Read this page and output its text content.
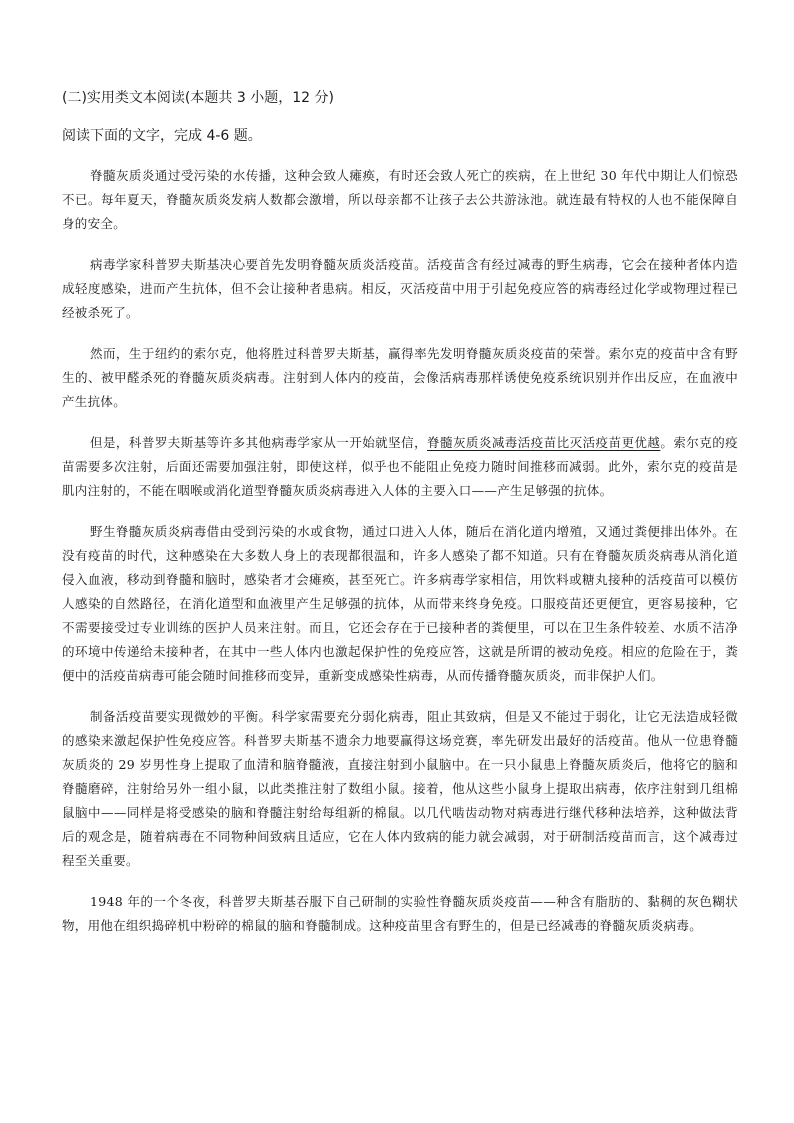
(二)实用类文本阅读(本题共 3 小题，12 分)
阅读下面的文字，完成 4-6 题。

脊髓灰质炎通过受污染的水传播，这种会致人瘫痪，有时还会致人死亡的疾病，在上世纪 30 年代中期让人们惊恐不已。每年夏天，脊髓灰质炎发病人数都会激增，所以母亲都不让孩子去公共游泳池。就连最有特权的人也不能保障自身的安全。

病毒学家科普罗夫斯基决心要首先发明脊髓灰质炎活疫苗。活疫苗含有经过减毒的野生病毒，它会在接种者体内造成轻度感染，进而产生抗体，但不会让接种者患病。相反，灭活疫苗中用于引起免疫应答的病毒经过化学或物理过程已经被杀死了。

然而，生于纽约的索尔克，他将胜过科普罗夫斯基，赢得率先发明脊髓灰质炎疫苗的荣誉。索尔克的疫苗中含有野生的、被甲醛杀死的脊髓灰质炎病毒。注射到人体内的疫苗，会像活病毒那样诱使免疫系统识别并作出反应，在血液中产生抗体。

但是，科普罗夫斯基等许多其他病毒学家从一开始就坚信，脊髓灰质炎减毒活疫苗比灭活疫苗更优越。索尔克的疫苗需要多次注射，后面还需要加强注射，即使这样，似乎也不能阻止免疫力随时间推移而减弱。此外，索尔克的疫苗是肌内注射的，不能在咽喉或消化道型脊髓灰质炎病毒进入人体的主要入口——产生足够强的抗体。

野生脊髓灰质炎病毒借由受到污染的水或食物，通过口进入人体，随后在消化道内增殖，又通过粪便排出体外。在没有疫苗的时代，这种感染在大多数人身上的表现都很温和，许多人感染了都不知道。只有在脊髓灰质炎病毒从消化道侵入血液，移动到脊髓和脑时，感染者才会瘫痪，甚至死亡。许多病毒学家相信，用饮料或糖丸接种的活疫苗可以模仿人感染的自然路径，在消化道型和血液里产生足够强的抗体，从而带来终身免疫。口服疫苗还更便宜，更容易接种，它不需要接受过专业训练的医护人员来注射。而且，它还会存在于已接种者的粪便里，可以在卫生条件较差、水质不洁净的环境中传递给未接种者，在其中一些人体内也激起保护性的免疫应答，这就是所谓的被动免疫。相应的危险在于，粪便中的活疫苗病毒可能会随时间推移而变异，重新变成感染性病毒，从而传播脊髓灰质炎，而非保护人们。

制备活疫苗要实现微妙的平衡。科学家需要充分弱化病毒，阻止其致病，但是又不能过于弱化，让它无法造成轻微的感染来激起保护性免疫应答。科普罗夫斯基不遗余力地要赢得这场竞赛，率先研发出最好的活疫苗。他从一位患脊髓灰质炎的 29 岁男性身上提取了血清和脑脊髓液，直接注射到小鼠脑中。在一只小鼠患上脊髓灰质炎后，他将它的脑和脊髓磨碎，注射给另外一组小鼠，以此类推注射了数组小鼠。接着，他从这些小鼠身上提取出病毒，依序注射到几组棉鼠脑中——同样是将受感染的脑和脊髓注射给每组新的棉鼠。以几代啮齿动物对病毒进行继代移种法培养，这种做法背后的观念是，随着病毒在不同物种间致病且适应，它在人体内致病的能力就会减弱，对于研制活疫苗而言，这个减毒过程至关重要。

1948 年的一个冬夜，科普罗夫斯基吞服下自己研制的实验性脊髓灰质炎疫苗——种含有脂肪的、黏稠的灰色糊状物，用他在组织捣碎机中粉碎的棉鼠的脑和脊髓制成。这种疫苗里含有野生的，但是已经减毒的脊髓灰质炎病毒。
